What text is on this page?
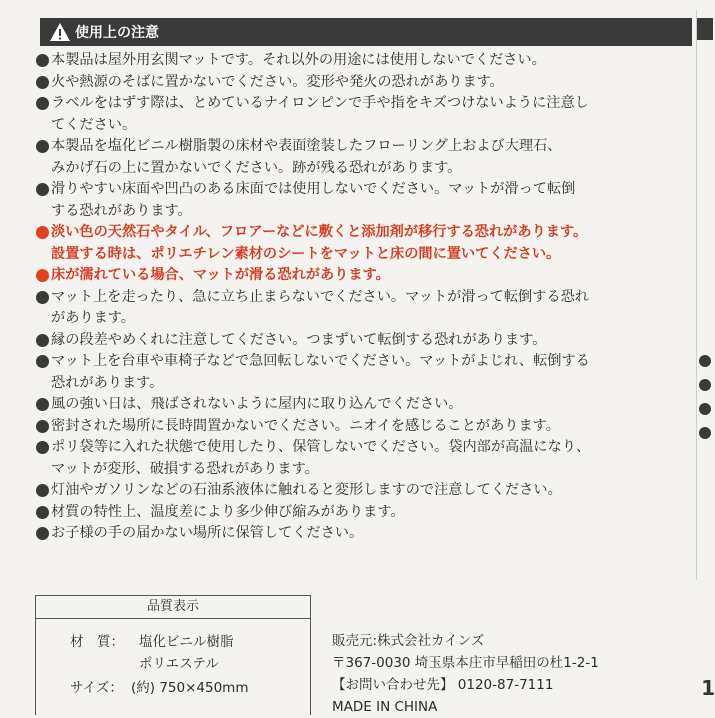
使用上の注意
本製品は屋外用玄関マットです。それ以外の用途には使用しないでください。
火や熱源のそばに置かないでください。変形や発火の恐れがあります。
ラベルをはずす際は、とめているナイロンピンで手や指をキズつけないように注意し
てください。
本製品を塩化ビニル樹脂製の床材や表面塗装したフローリング上および大理石、
みかげ石の上に置かないでください。跡が残る恐れがあります。
滑りやすい床面や凹凸のある床面では使用しないでください。マットが滑って転倒
する恐れがあります。
淡い色の天然石やタイル、フロアーなどに敷くと添加剤が移行する恐れがあります。
設置する時は、ポリエチレン素材のシートをマットと床の間に置いてください。
床が濡れている場合、マットが滑る恐れがあります。
マット上を走ったり、急に立ち止まらないでください。マットが滑って転倒する恐れ
があります。
縁の段差やめくれに注意してください。つまずいて転倒する恐れがあります。
マット上を台車や車椅子などで急回転しないでください。マットがよじれ、転倒する
恐れがあります。
風の強い日は、飛ばされないように屋内に取り込んでください。
密封された場所に長時間置かないでください。ニオイを感じることがあります。
ポリ袋等に入れた状態で使用したり、保管しないでください。袋内部が高温になり、
マットが変形、破損する恐れがあります。
灯油やガソリンなどの石油系液体に触れると変形しますので注意してください。
材質の特性上、温度差により多少伸び縮みがあります。
お子様の手の届かない場所に保管してください。
品質表示
材　質： 塩化ビニル樹脂
ポリエステル
サイズ： (約) 750×450mm
販売元:株式会社カインズ
〒367-0030 埼玉県本庄市早稲田の杜1-2-1
【お問い合わせ先】 0120-87-7111
MADE IN CHINA
1
